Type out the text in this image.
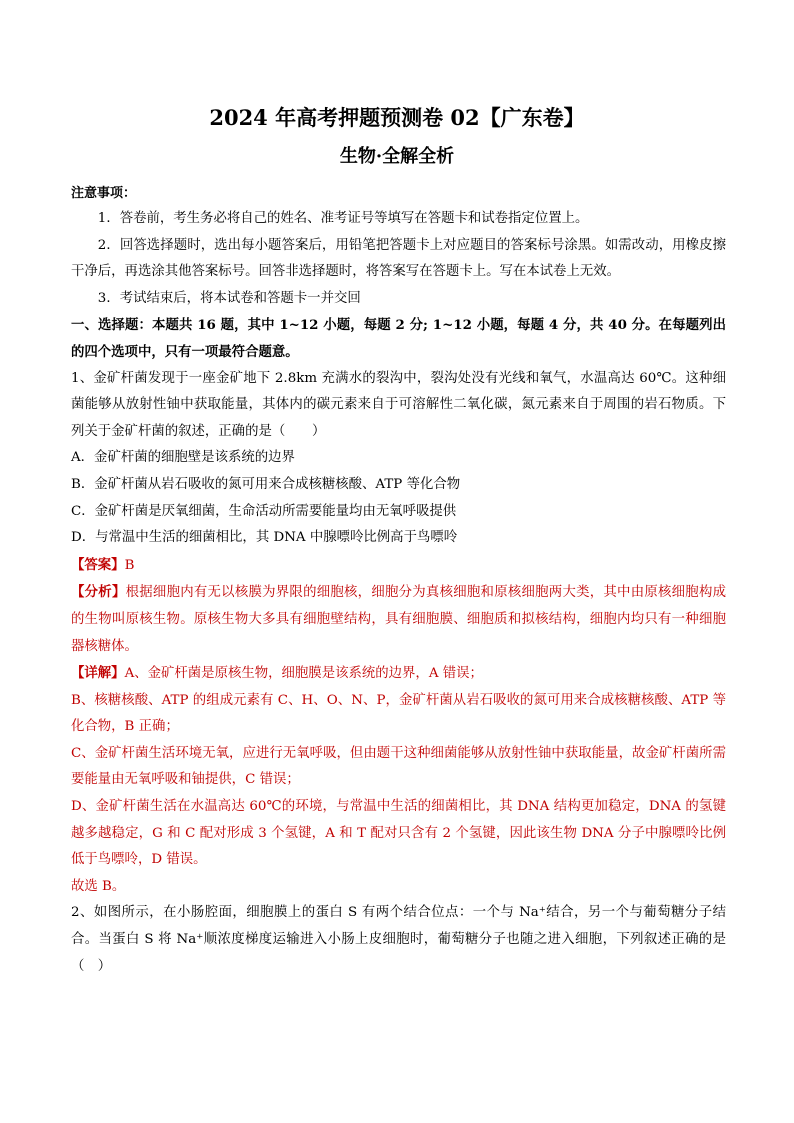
2024 年高考押题预测卷 02【广东卷】
生物·全解全析

注意事项：

1．答卷前，考生务必将自己的姓名、准考证号等填写在答题卡和试卷指定位置上。

2．回答选择题时，选出每小题答案后，用铅笔把答题卡上对应题目的答案标号涂黑。如需改动，用橡皮擦干净后，再选涂其他答案标号。回答非选择题时，将答案写在答题卡上。写在本试卷上无效。

3．考试结束后，将本试卷和答题卡一并交回

一、选择题：本题共 16 题，其中 1~12 小题，每题 2 分; 1~12 小题，每题 4 分，共 40 分。在每题列出的四个选项中，只有一项最符合题意。

1、金矿杆菌发现于一座金矿地下 2.8km 充满水的裂沟中，裂沟处没有光线和氧气，水温高达 60℃。这种细菌能够从放射性铀中获取能量，其体内的碳元素来自于可溶解性二氧化碳，氮元素来自于周围的岩石物质。下列关于金矿杆菌的叙述，正确的是（　　）

A．金矿杆菌的细胞壁是该系统的边界

B．金矿杆菌从岩石吸收的氮可用来合成核糖核酸、ATP 等化合物

C．金矿杆菌是厌氧细菌，生命活动所需要能量均由无氧呼吸提供

D．与常温中生活的细菌相比，其 DNA 中腺嘌呤比例高于鸟嘌呤

【答案】B

【分析】根据细胞内有无以核膜为界限的细胞核，细胞分为真核细胞和原核细胞两大类，其中由原核细胞构成的生物叫原核生物。原核生物大多具有细胞壁结构，具有细胞膜、细胞质和拟核结构，细胞内均只有一种细胞器核糖体。

【详解】A、金矿杆菌是原核生物，细胞膜是该系统的边界，A 错误；

B、核糖核酸、ATP 的组成元素有 C、H、O、N、P，金矿杆菌从岩石吸收的氮可用来合成核糖核酸、ATP 等化合物，B 正确；

C、金矿杆菌生活环境无氧，应进行无氧呼吸，但由题干这种细菌能够从放射性铀中获取能量，故金矿杆菌所需要能量由无氧呼吸和铀提供，C 错误；

D、金矿杆菌生活在水温高达 60℃的环境，与常温中生活的细菌相比，其 DNA 结构更加稳定，DNA 的氢键越多越稳定，G 和 C 配对形成 3 个氢键，A 和 T 配对只含有 2 个氢键，因此该生物 DNA 分子中腺嘌呤比例低于鸟嘌呤，D 错误。

故选 B。

2、如图所示，在小肠腔面，细胞膜上的蛋白 S 有两个结合位点：一个与 Na⁺结合，另一个与葡萄糖分子结合。当蛋白 S 将 Na⁺顺浓度梯度运输进入小肠上皮细胞时，葡萄糖分子也随之进入细胞，下列叙述正确的是（　）
